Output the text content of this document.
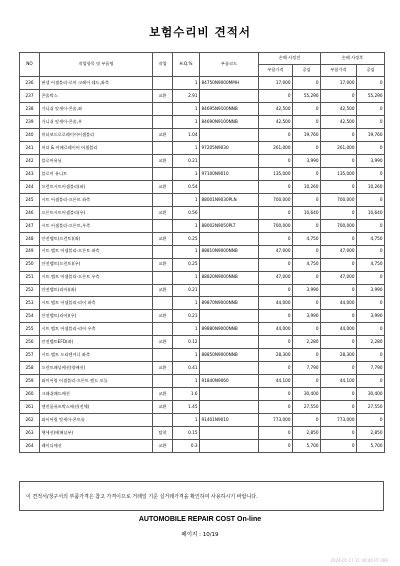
보험수리비 견적서
NO	작업항목 및 부품명	작업	H.Q.%	부품코드	손해 사정전		손해 사정후	
					부품가격	공임	부품가격	공임
236	판넬 어셈블리-로어 크레이 쉐드,좌측		1	84750N9000MMH	17,000	0	17,000	0
237	콘솔박스	교환	2.91		0	55,290	0	55,290
238	가니쉬 앗세이-콘솔,좌		1	84695N9100NNB	42,500	0	42,500	0
239	가니쉬 앗세이-콘솔,우		1	84690N9100NNB	42,500	0	42,500	0
240	머더보드로로레이어어셈블리	교환	1.04		0	19,760	0	19,760
241	머더 & 어패로레이어 어셈블리		1	97205N9030	261,000	0	261,000	0
242	블로어유닛	교환	0.21		0	3,990	0	3,990
243	블로어 유니트		1	97100N9010	135,000	0	135,000	0
244	프런트시트어셈블리(좌)	교환	0.54		0	10,260	0	10,260
245	시트 어셈블리-프론트 좌측		1	88001N9030PLN	700,000	0	700,000	0
246	프론트시트어셈블리(우)	교환	0.56		0	10,640	0	10,640
247	시트 어셈블리-프론트,우측		1	88002N9050PLT	700,000	0	700,000	0
248	안전벨트(프런트)(좌)	교환	0.25		0	4,750	0	4,750
249	시트 벨트 어셈블리-프론트 좌측		1	88810N9000NNB	47,000	0	47,000	0
250	안전벨트(프런트)(우)	교환	0.25		0	4,750	0	4,750
251	시트 벨트 어셈블리-프론트 우측		1	88820N9000NNB	47,000	0	47,000	0
252	안전벨트(리어)(좌)	교환	0.21		0	3,990	0	3,990
253	시트 벨트 어셈블리-리어 좌측		1	89870N9000NNB	44,000	0	44,000	0
254	안전벨트(리어)(우)	교환	0.21		0	3,990	0	3,990
255	시트 벨트 어셈블리-리어 우측		1	89880N9000NNB	44,000	0	44,000	0
256	안전벨트EFD(좌)	교환	0.12		0	2,280	0	2,280
257	시트 벨트 프리텐셔너 좌측		1	88850N9000NNB	28,300	0	28,300	0
258	프런트패널베선(양배선)	교환	0.41		0	7,790	0	7,790
259	와이어링 어셈블리-프론트 엔드 모듈		1	91840N9060	44,100	0	44,100	0
260	크래쉬패드배선	교환	1.6		0	30,400	0	30,400
261	엔진룸퓨즈박스배선(전체)	교환	1.45		0	27,550	0	27,550
262	와이어링 앗세이-콘트롤		1	91401N9010	773,000	0	773,000	0
263	헷세선(배패널부)	탈착	0.15		0	2,850	0	2,850
264	레이디에선	교환	0.3		0	5,700	0	5,700
이 견적서/청구서의 부품가격은 참고 가격이므로 거래일 기준 실거래가격을 확인하여 사용하시기 바랍니다.
AUTOMOBILE REPAIR COST On-line
페이지 : 10/19
2024-01-17 11:30:40 PT 096
